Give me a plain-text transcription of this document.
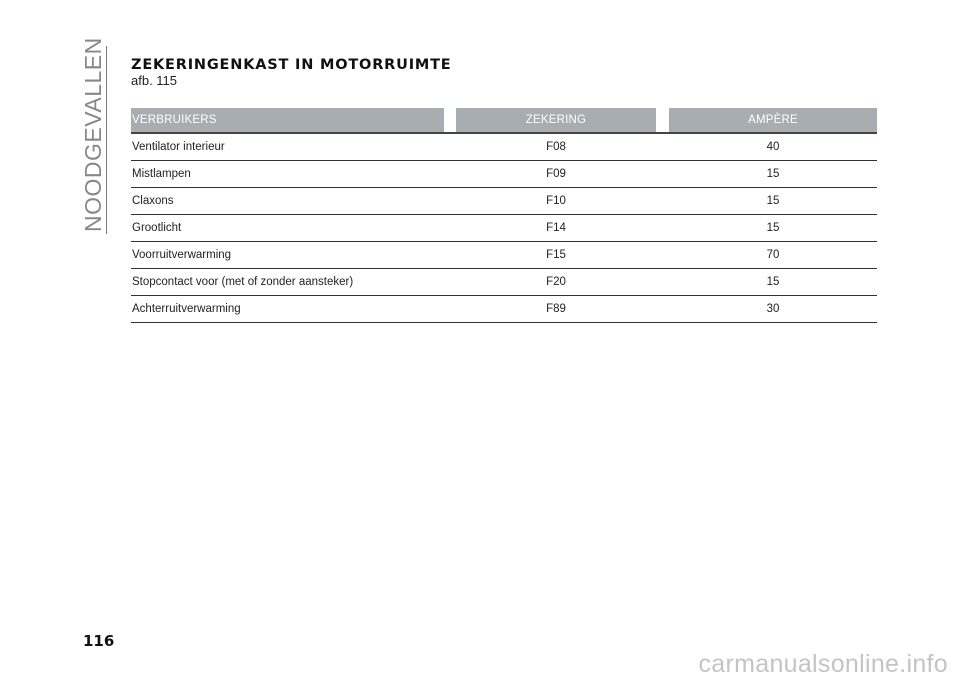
NOODGEVALLEN ZEKERINGENKAST IN MOTORRUIMTE
afb. 115
VERBRUIKERS	ZEKERING	AMPÈRE
Ventilator interieur	F08	40
Mistlampen	F09	15
Claxons	F10	15
Grootlicht	F14	15
Voorruitverwarming	F15	70
Stopcontact voor (met of zonder aansteker)	F20	15
Achterruitverwarming	F89	30
116
carmanualsonline.info
